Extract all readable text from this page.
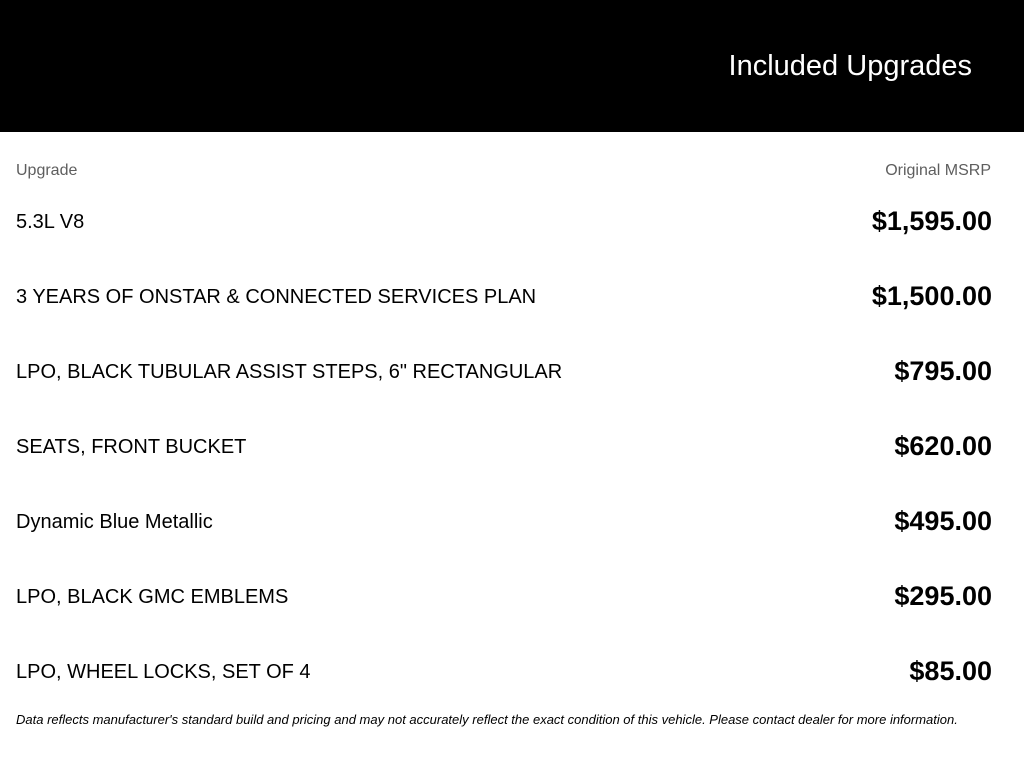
Included Upgrades
Upgrade	Original MSRP
5.3L V8	$1,595.00
3 YEARS OF ONSTAR & CONNECTED SERVICES PLAN	$1,500.00
LPO, BLACK TUBULAR ASSIST STEPS, 6" RECTANGULAR	$795.00
SEATS, FRONT BUCKET	$620.00
Dynamic Blue Metallic	$495.00
LPO, BLACK GMC EMBLEMS	$295.00
LPO, WHEEL LOCKS, SET OF 4	$85.00
Data reflects manufacturer's standard build and pricing and may not accurately reflect the exact condition of this vehicle. Please contact dealer for more information.
